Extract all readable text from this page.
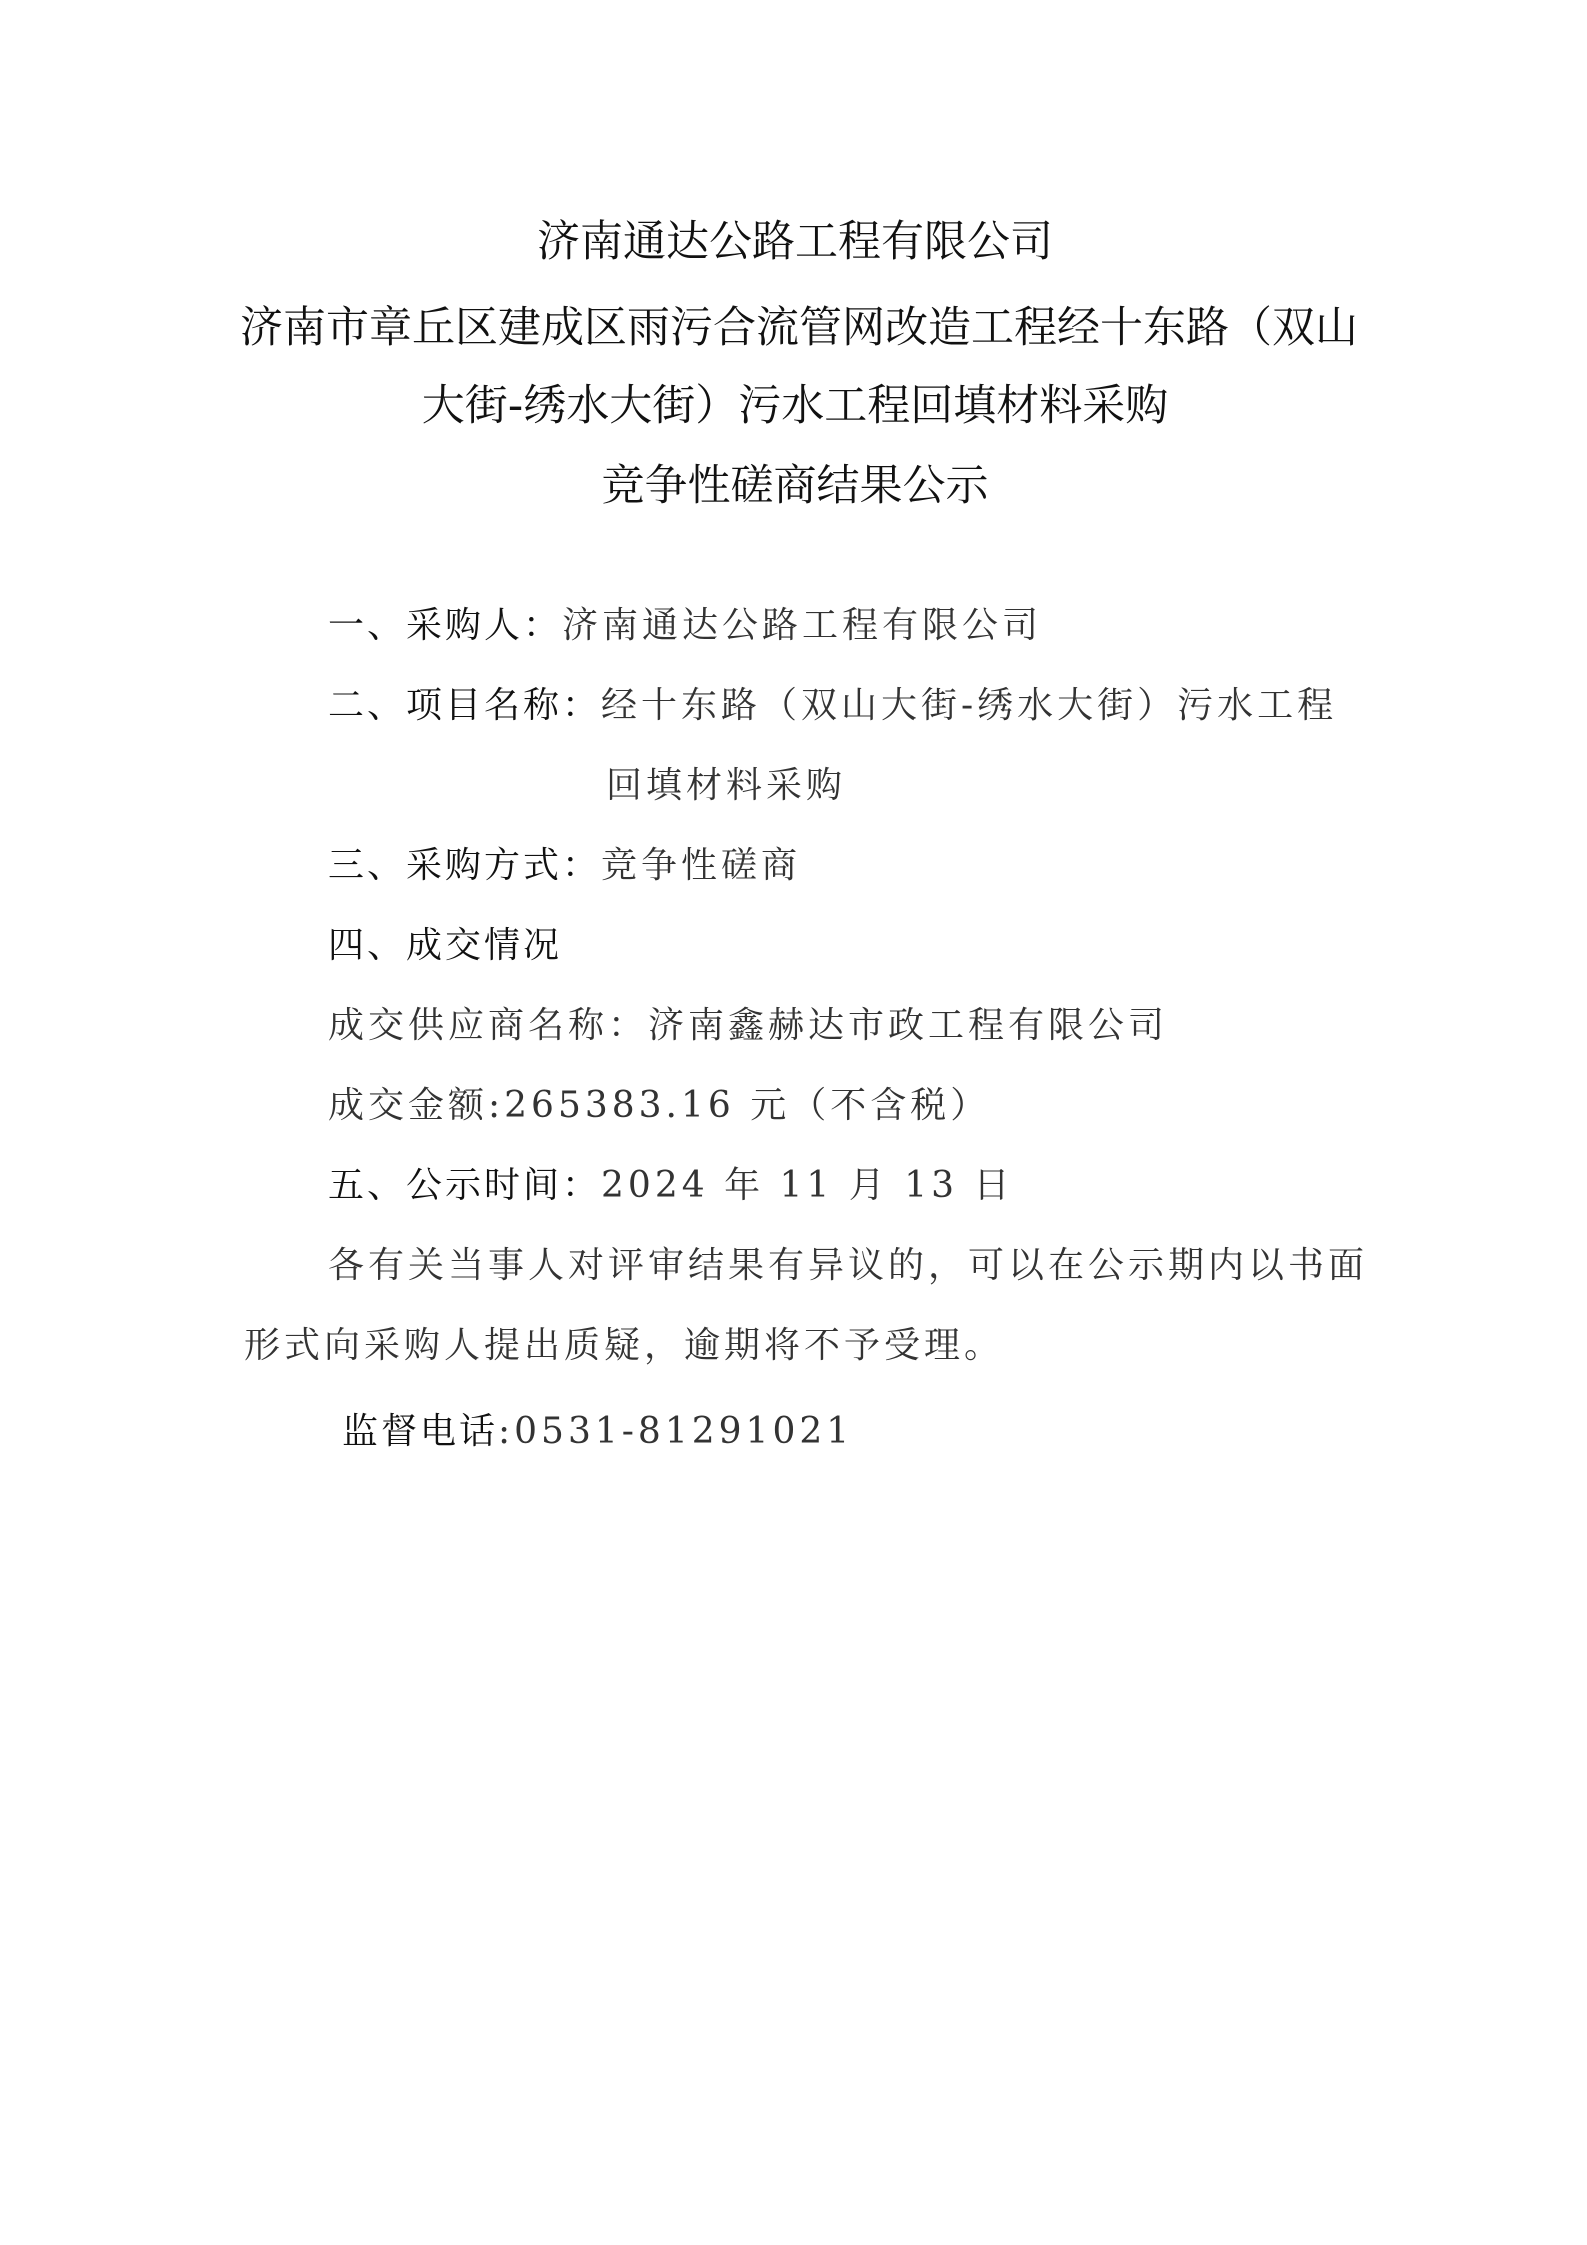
济南通达公路工程有限公司
济南市章丘区建成区雨污合流管网改造工程经十东路（双山
大街-绣水大街）污水工程回填材料采购
竞争性磋商结果公示
一、采购人：济南通达公路工程有限公司
二、项目名称：经十东路（双山大街-绣水大街）污水工程
回填材料采购
三、采购方式：竞争性磋商
四、成交情况
成交供应商名称：济南鑫赫达市政工程有限公司
成交金额:265383.16 元（不含税）
五、公示时间：2024 年 11 月 13 日
各有关当事人对评审结果有异议的，可以在公示期内以书面
形式向采购人提出质疑，逾期将不予受理。
监督电话:0531-81291021
